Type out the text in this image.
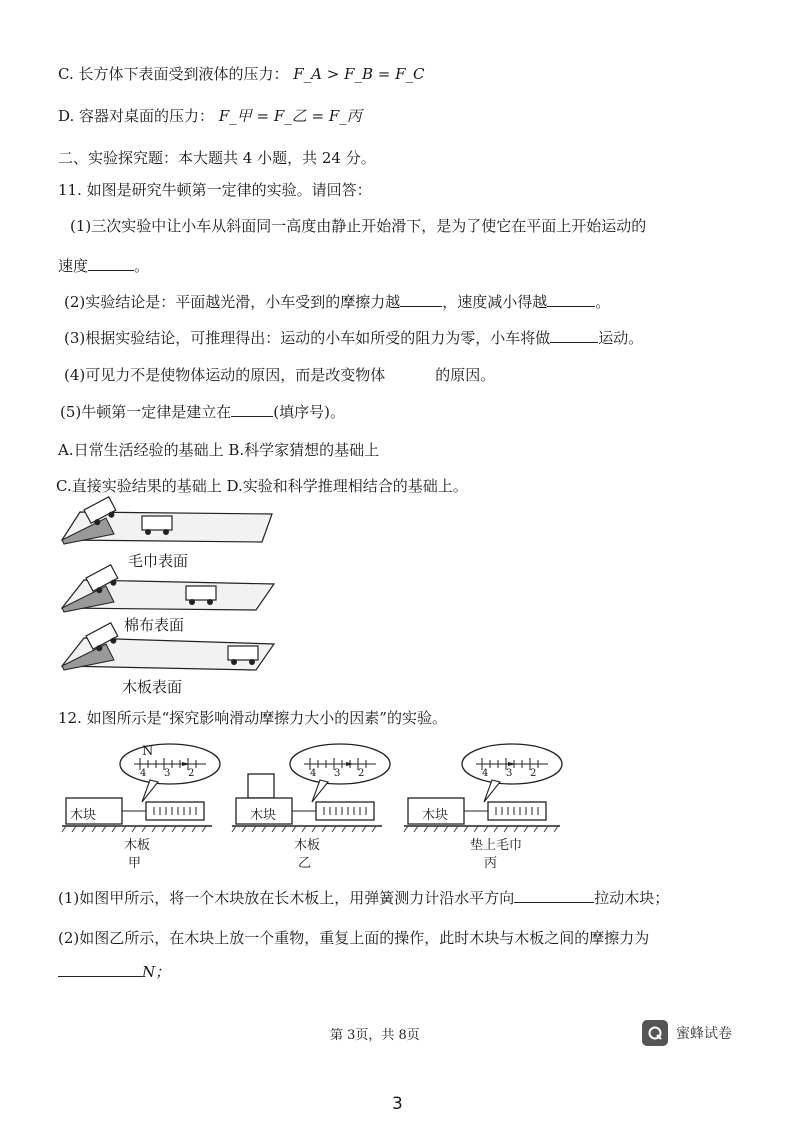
C. 长方体下表面受到液体的压力： F_A > F_B = F_C
D. 容器对桌面的压力： F_甲 = F_乙 = F_丙
二、实验探究题：本大题共 4 小题，共 24 分。
11. 如图是研究牛顿第一定律的实验。请回答：
(1)三次实验中让小车从斜面同一高度由静止开始滑下，是为了使它在平面上开始运动的
速度	。
(2)实验结论是：平面越光滑，小车受到的摩擦力越	，速度减小得越	。
(3)根据实验结论，可推理得出：运动的小车如所受的阻力为零，小车将做	运动。
(4)可见力不是使物体运动的原因，而是改变物体	的原因。
(5)牛顿第一定律是建立在	(填序号)。
A.日常生活经验的基础上 B.科学家猜想的基础上
C.直接实验结果的基础上 D.实验和科学推理相结合的基础上。
毛巾表面
棉布表面
木板表面
12. 如图所示是“探究影响滑动摩擦力大小的因素”的实验。
木块
N
木板
甲
木块
木板
乙
木块
垫上毛巾
丙
(1)如图甲所示，将一个木块放在长木板上，用弹簧测力计沿水平方向	拉动木块；
(2)如图乙所示，在木块上放一个重物，重复上面的操作，此时木块与木板之间的摩擦力为
N；
第 3页，共 8页	蜜蜂试卷
3
4 3 2	4 3 2	4 3 2
